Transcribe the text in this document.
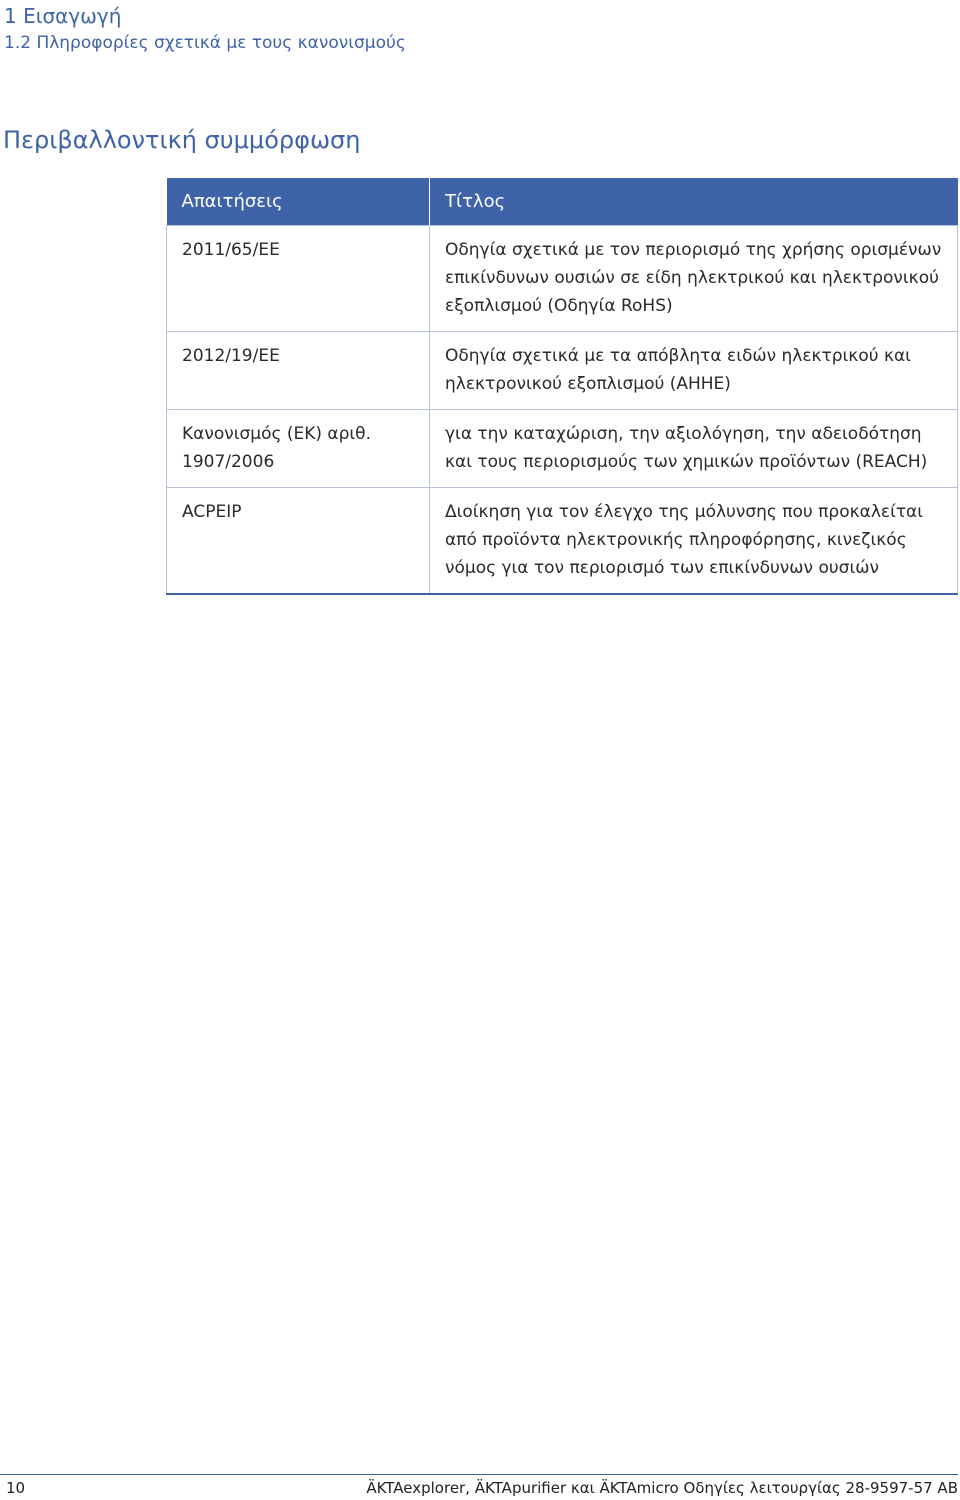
1 Εισαγωγή
1.2 Πληροφορίες σχετικά με τους κανονισμούς
Περιβαλλοντική συμμόρφωση
Απαιτήσεις	Τίτλος
2011/65/ΕΕ	Οδηγία σχετικά με τον περιορισμό της χρήσης ορισμένων επικίνδυνων ουσιών σε είδη ηλεκτρικού και ηλεκτρονικού εξοπλισμού (Οδηγία RoHS)
2012/19/ΕΕ	Οδηγία σχετικά με τα απόβλητα ειδών ηλεκτρικού και ηλεκτρονικού εξοπλισμού (ΑΗΗΕ)
Κανονισμός (ΕΚ) αριθ. 1907/2006	για την καταχώριση, την αξιολόγηση, την αδειοδότηση και τους περιορισμούς των χημικών προϊόντων (REACH)
ACPEIP	Διοίκηση για τον έλεγχο της μόλυνσης που προκαλείται από προϊόντα ηλεκτρονικής πληροφόρησης, κινεζικός νόμος για τον περιορισμό των επικίνδυνων ουσιών
10	ÄKTAexplorer, ÄKTApurifier και ÄKTAmicro Οδηγίες λειτουργίας 28-9597-57 AB
